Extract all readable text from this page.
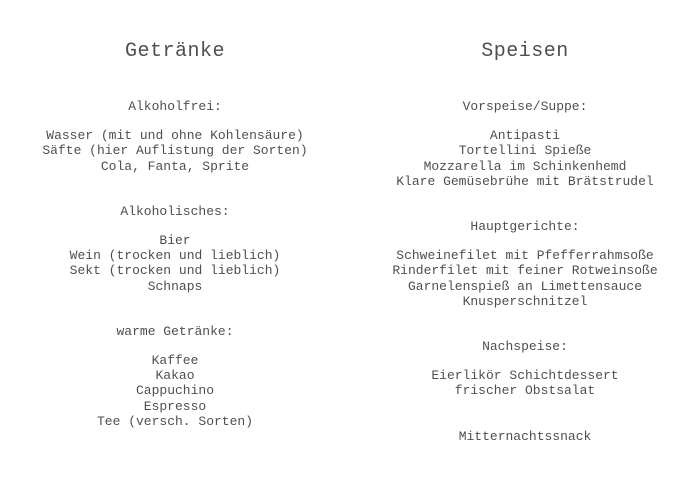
Getränke
Alkoholfrei:
Wasser (mit und ohne Kohlensäure)
Säfte (hier Auflistung der Sorten)
Cola, Fanta, Sprite
Alkoholisches:
Bier
Wein (trocken und lieblich)
Sekt (trocken und lieblich)
Schnaps
warme Getränke:
Kaffee
Kakao
Cappuchino
Espresso
Tee (versch. Sorten)
Speisen
Vorspeise/Suppe:
Antipasti
Tortellini Spieße
Mozzarella im Schinkenhemd
Klare Gemüsebrühe mit Brätstrudel
Hauptgerichte:
Schweinefilet mit Pfefferrahmsoße
Rinderfilet mit feiner Rotweinsoße
Garnelenspieß an Limettensauce
Knusperschnitzel
Nachspeise:
Eierlikör Schichtdessert
frischer Obstsalat
Mitternachtssnack
